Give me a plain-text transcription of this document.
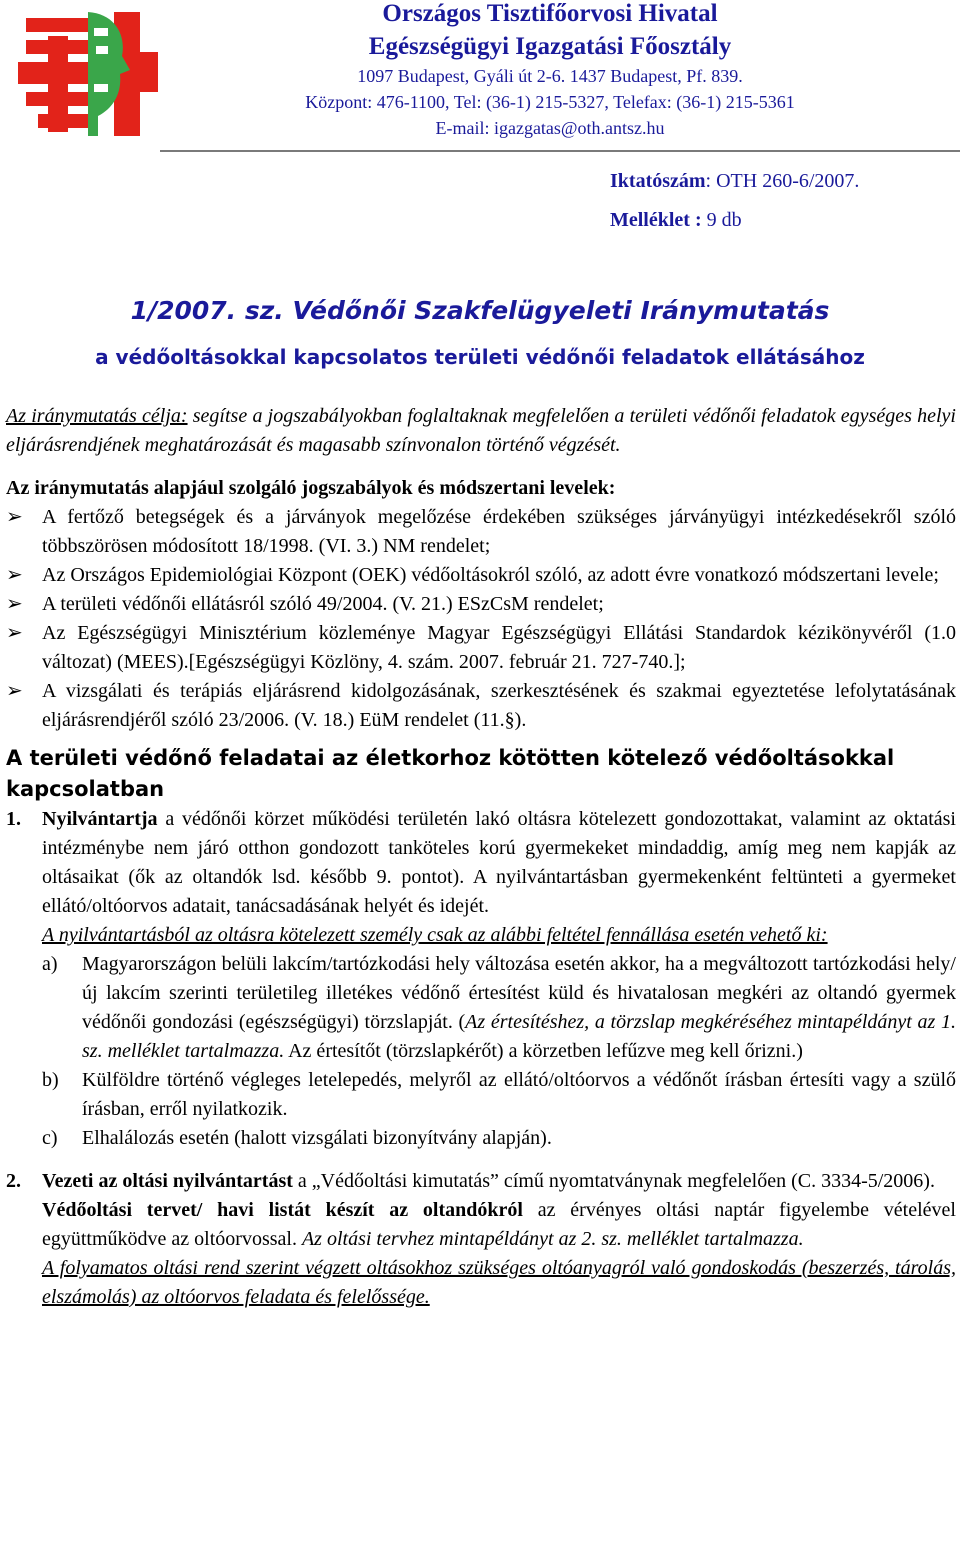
Országos Tisztifőorvosi Hivatal
Egészségügyi Igazgatási Főosztály
1097 Budapest, Gyáli út 2-6. 1437 Budapest, Pf. 839.
Központ: 476-1100, Tel: (36-1) 215-5327, Telefax: (36-1) 215-5361
E-mail: igazgatas@oth.antsz.hu
Iktatószám: OTH 260-6/2007.
Melléklet : 9 db
1/2007. sz. Védőnői Szakfelügyeleti Iránymutatás
a védőoltásokkal kapcsolatos területi védőnői feladatok ellátásához

Az iránymutatás célja: segítse a jogszabályokban foglaltaknak megfelelően a területi védőnői feladatok egységes helyi eljárásrendjének meghatározását és magasabb színvonalon történő végzését.

Az iránymutatás alapjául szolgáló jogszabályok és módszertani levelek:

➢ A fertőző betegségek és a járványok megelőzése érdekében szükséges járványügyi intézkedésekről szóló többszörösen módosított 18/1998. (VI. 3.) NM rendelet;
➢ Az Országos Epidemiológiai Központ (OEK) védőoltásokról szóló, az adott évre vonatkozó módszertani levele;
➢ A területi védőnői ellátásról szóló 49/2004. (V. 21.) ESzCsM rendelet;
➢ Az Egészségügyi Minisztérium közleménye Magyar Egészségügyi Ellátási Standardok kézikönyvéről (1.0 változat) (MEES).[Egészségügyi Közlöny, 4. szám. 2007. február 21. 727-740.];
➢ A vizsgálati és terápiás eljárásrend kidolgozásának, szerkesztésének és szakmai egyeztetése lefolytatásának eljárásrendjéről szóló 23/2006. (V. 18.) EüM rendelet (11.§).

A területi védőnő feladatai az életkorhoz kötötten kötelező védőoltásokkal kapcsolatban

1.	Nyilvántartja a védőnői körzet működési területén lakó oltásra kötelezett gondozottakat, valamint az oktatási intézménybe nem járó otthon gondozott tanköteles korú gyermekeket mindaddig, amíg meg nem kapják az oltásaikat (ők az oltandók lsd. később 9. pontot). A nyilvántartásban gyermekenként feltünteti a gyermeket ellátó/oltóorvos adatait, tanácsadásának helyét és idejét.

A nyilvántartásból az oltásra kötelezett személy csak az alábbi feltétel fennállása esetén vehető ki:

a)	Magyarországon belüli lakcím/tartózkodási hely változása esetén akkor, ha a megváltozott tartózkodási hely/új lakcím szerinti területileg illetékes védőnő értesítést küld és hivatalosan megkéri az oltandó gyermek védőnői gondozási (egészségügyi) törzslapját. (Az értesítéshez, a törzslap megkéréséhez mintapéldányt az 1. sz. melléklet tartalmazza. Az értesítőt (törzslapkérőt) a körzetben lefűzve meg kell őrizni.)
b)	Külföldre történő végleges letelepedés, melyről az ellátó/oltóorvos a védőnőt írásban értesíti vagy a szülő írásban, erről nyilatkozik.
c)	Elhalálozás esetén (halott vizsgálati bizonyítvány alapján).
2.	Vezeti az oltási nyilvántartást a „Védőoltási kimutatás” című nyomtatványnak megfelelően (C. 3334-5/2006).

Védőoltási tervet/ havi listát készít az oltandókról az érvényes oltási naptár figyelembe vételével együttműködve az oltóorvossal. Az oltási tervhez mintapéldányt az 2. sz. melléklet tartalmazza.

A folyamatos oltási rend szerint végzett oltásokhoz szükséges oltóanyagról való gondoskodás (beszerzés, tárolás, elszámolás) az oltóorvos feladata és felelőssége.
